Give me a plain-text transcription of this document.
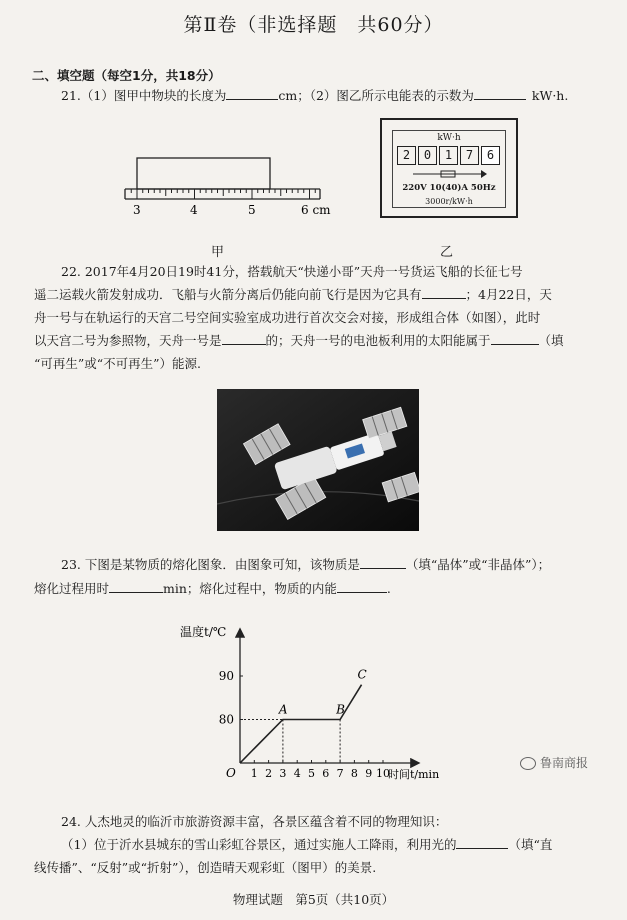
第Ⅱ卷（非选择题　共60分）
二、填空题（每空1分，共18分）
21.（1）图甲中物块的长度为	cm；（2）图乙所示电能表的示数为	kW·h.
3	4	5	6 cm
甲
kW·h
2	0	1	7	6
220V 10(40)A 50Hz
3000r/kW·h
乙
22. 2017年4月20日19时41分，搭载航天“快递小哥”天舟一号货运飞船的长征七号
遥二运载火箭发射成功．飞船与火箭分离后仍能向前飞行是因为它具有	；4月22日，天
舟一号与在轨运行的天宫二号空间实验室成功进行首次交会对接，形成组合体（如图），此时
以天宫二号为参照物，天舟一号是	的；天舟一号的电池板利用的太阳能属于	（填
“可再生”或“不可再生”）能源.
23. 下图是某物质的熔化图象．由图象可知，该物质是	（填“晶体”或“非晶体”）；
熔化过程用时	min；熔化过程中，物质的内能	.
温度t/℃
时间t/min
O 1 2 3 4 5 6 7 8 9 10
80
90
A	B
C
鲁南商报
24. 人杰地灵的临沂市旅游资源丰富，各景区蕴含着不同的物理知识：
（1）位于沂水县城东的雪山彩虹谷景区，通过实施人工降雨，利用光的	（填“直
线传播”、“反射”或“折射”），创造晴天观彩虹（图甲）的美景.
物理试题　第5页（共10页）
